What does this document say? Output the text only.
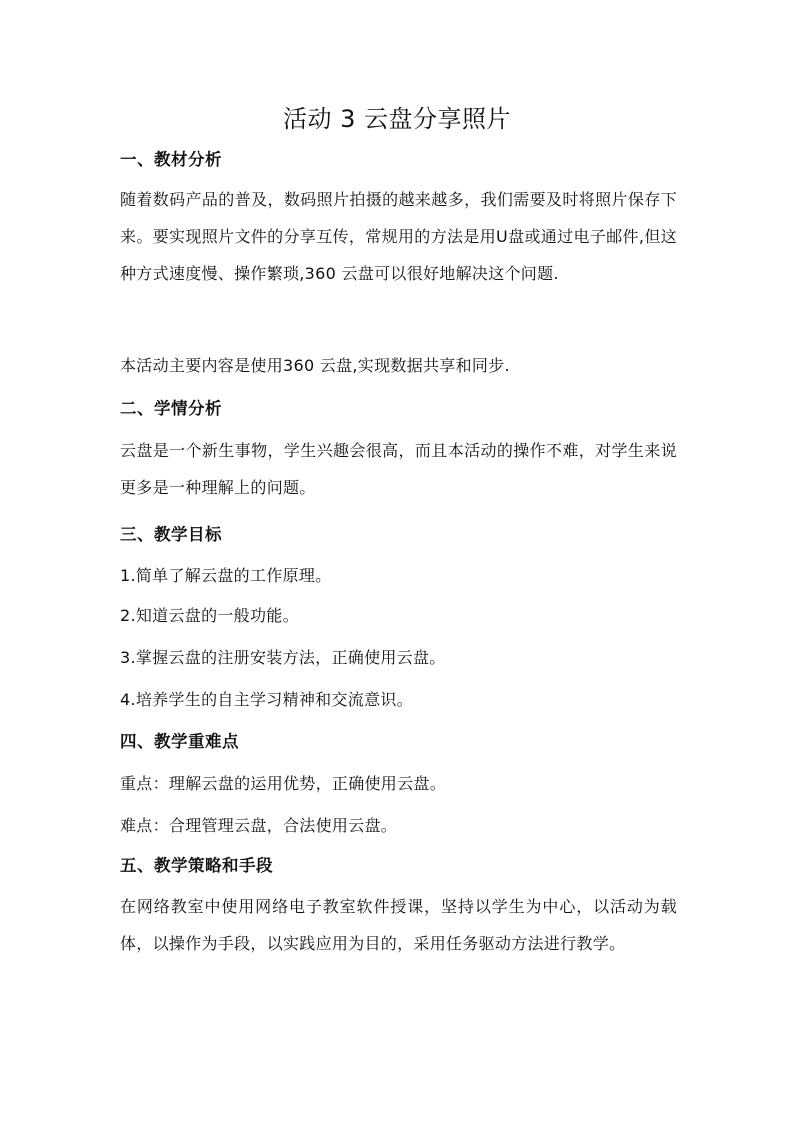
活动 3 云盘分享照片
一、教材分析
随着数码产品的普及，数码照片拍摄的越来越多，我们需要及时将照片保存下来。要实现照片文件的分享互传，常规用的方法是用U盘或通过电子邮件,但这种方式速度慢、操作繁琐,360 云盘可以很好地解决这个问题.
本活动主要内容是使用360 云盘,实现数据共享和同步.
二、学情分析
云盘是一个新生事物，学生兴趣会很高，而且本活动的操作不难，对学生来说更多是一种理解上的问题。
三、教学目标
1.简单了解云盘的工作原理。
2.知道云盘的一般功能。
3.掌握云盘的注册安装方法，正确使用云盘。
4.培养学生的自主学习精神和交流意识。
四、教学重难点
重点：理解云盘的运用优势，正确使用云盘。
难点：合理管理云盘，合法使用云盘。
五、教学策略和手段
在网络教室中使用网络电子教室软件授课，坚持以学生为中心，以活动为载体，以操作为手段，以实践应用为目的，采用任务驱动方法进行教学。
